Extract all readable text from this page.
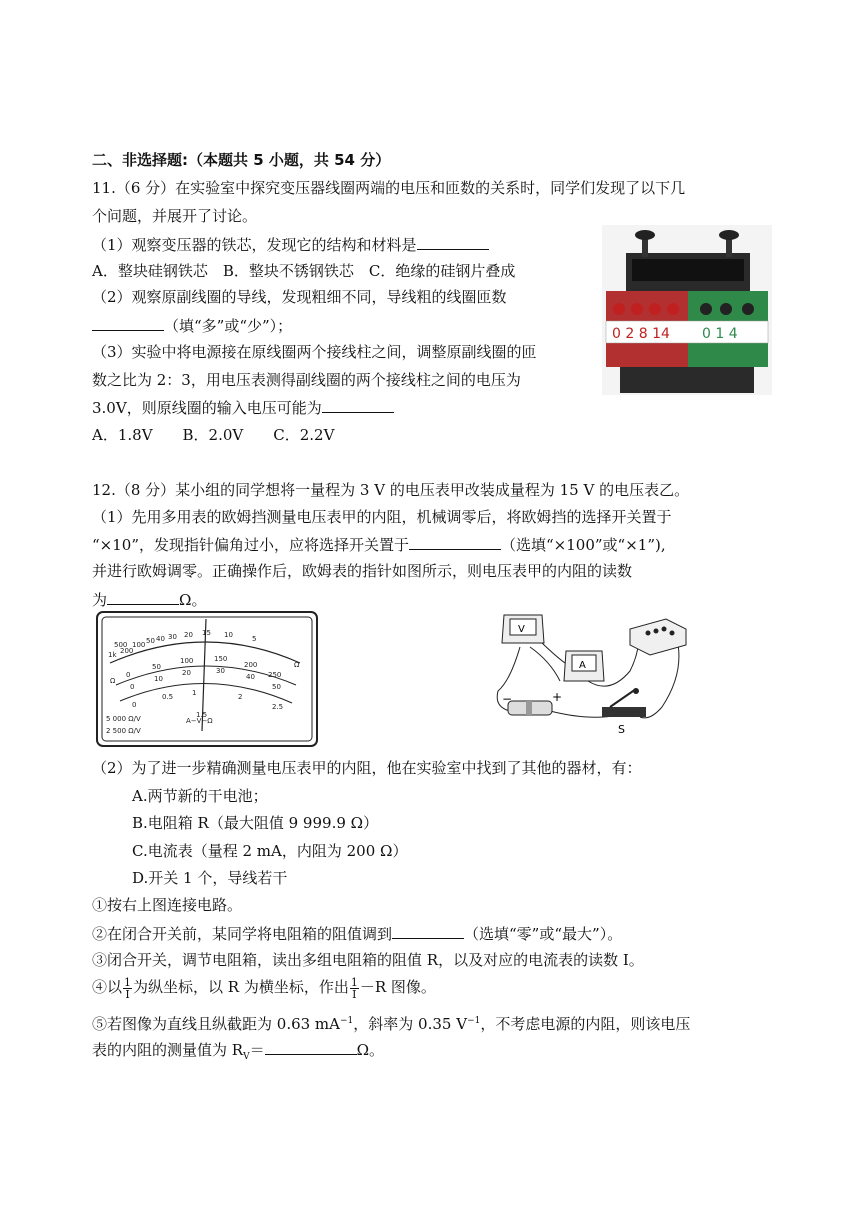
二、非选择题:（本题共 5 小题，共 54 分）
11.（6 分）在实验室中探究变压器线圈两端的电压和匝数的关系时，同学们发现了以下几
个问题，并展开了讨论。
（1）观察变压器的铁芯，发现它的结构和材料是
A．整块硅钢铁芯　B．整块不锈钢铁芯　C．绝缘的硅钢片叠成
（2）观察原副线圈的导线，发现粗细不同，导线粗的线圈匝数
（填“多”或“少”）；
（3）实验中将电源接在原线圈两个接线柱之间，调整原副线圈的匝
数之比为 2：3，用电压表测得副线圈的两个接线柱之间的电压为
3.0V，则原线圈的输入电压可能为
A．1.8V　　B．2.0V　　C．2.2V
0 2 8 14 0 1 4
12.（8 分）某小组的同学想将一量程为 3 V 的电压表甲改装成量程为 15 V 的电压表乙。
（1）先用多用表的欧姆挡测量电压表甲的内阻，机械调零后，将欧姆挡的选择开关置于
“×10”，发现指针偏角过小，应将选择开关置于	（选填“×100”或“×1”),
并进行欧姆调零。正确操作后，欧姆表的指针如图所示，则电压表甲的内阻的读数
为	Ω。
500
1k 200
100 50 40 30 20 15 10	5
Ω
Ω
0
50
100	150
200
250
0
10
20	30
40
50
0
0.5	1
1.5
2
2.5
5 000 Ω/V
2 500 Ω/V
A−V−Ω
V
A
−	+
S
（2）为了进一步精确测量电压表甲的内阻，他在实验室中找到了其他的器材，有：
A.两节新的干电池；
B.电阻箱 R（最大阻值 9 999.9 Ω）
C.电流表（量程 2 mA，内阻为 200 Ω）
D.开关 1 个，导线若干
①按右上图连接电路。
②在闭合开关前，某同学将电阻箱的阻值调到	（选填“零”或“最大”）。
③闭合开关，调节电阻箱，读出多组电阻箱的阻值 R，以及对应的电流表的读数 I。
④以 $\frac{1}{I}$ 为纵坐标，以 R 为横坐标，作出 $\frac{1}{I} -R$ 图像。
⑤若图像为直线且纵截距为 0.63 $mA^{-1}$，斜率为 0.35 $V^{-1}$，不考虑电源的内阻，则该电压
表的内阻的测量值为 $R_V=$	Ω。
